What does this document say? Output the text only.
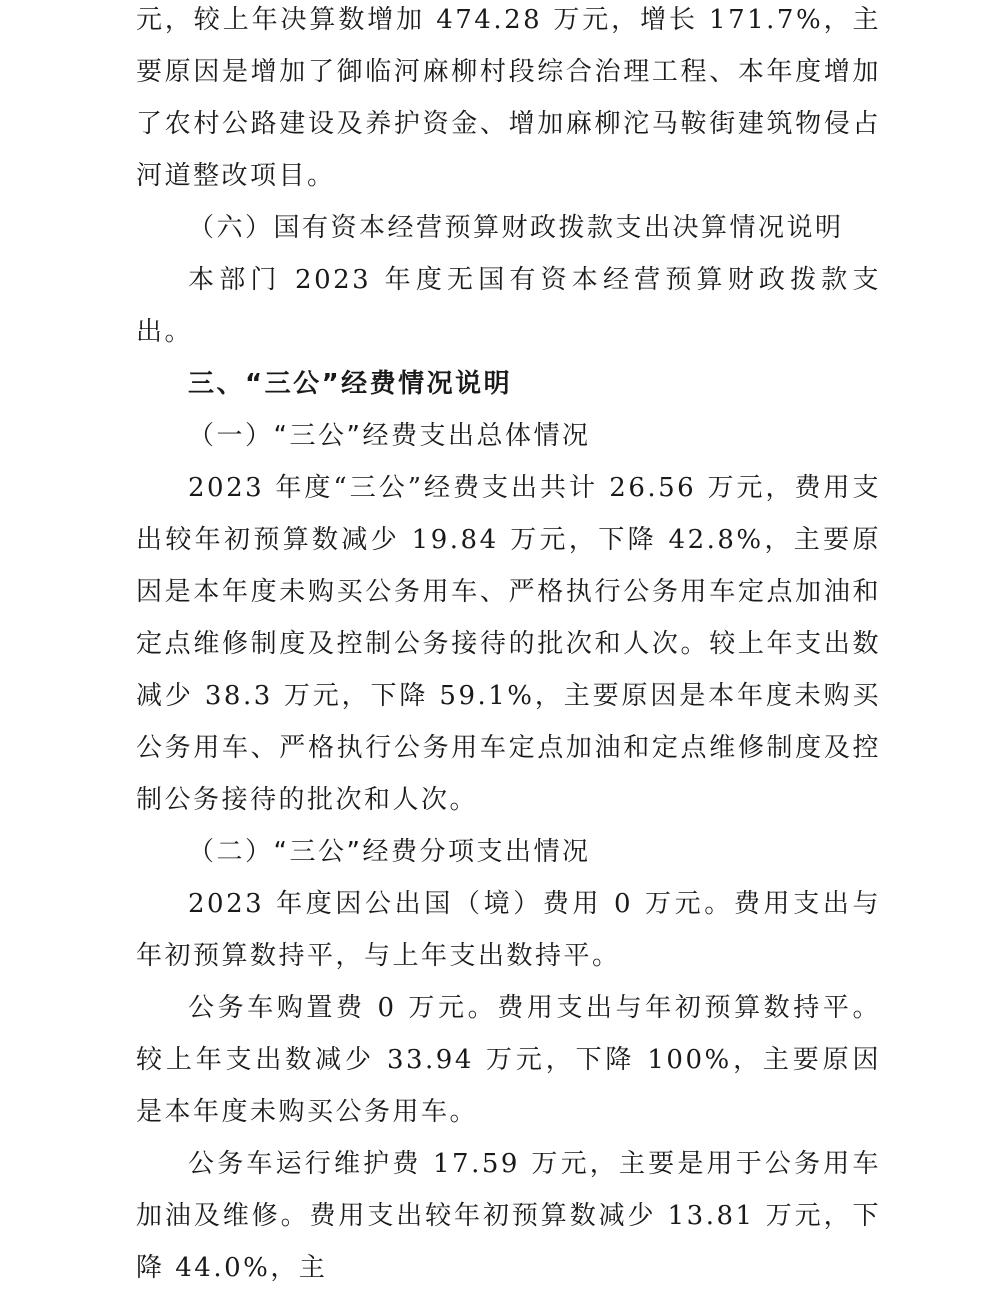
元，较上年决算数增加 474.28 万元，增长 171.7%，主要原因是增加了御临河麻柳村段综合治理工程、本年度增加了农村公路建设及养护资金、增加麻柳沱马鞍街建筑物侵占河道整改项目。

（六）国有资本经营预算财政拨款支出决算情况说明

本部门 2023 年度无国有资本经营预算财政拨款支出。

三、“三公”经费情况说明

（一）“三公”经费支出总体情况

2023 年度“三公”经费支出共计 26.56 万元，费用支出较年初预算数减少 19.84 万元，下降 42.8%，主要原因是本年度未购买公务用车、严格执行公务用车定点加油和定点维修制度及控制公务接待的批次和人次。较上年支出数减少 38.3 万元，下降 59.1%，主要原因是本年度未购买公务用车、严格执行公务用车定点加油和定点维修制度及控制公务接待的批次和人次。

（二）“三公”经费分项支出情况

2023 年度因公出国（境）费用 0 万元。费用支出与年初预算数持平，与上年支出数持平。

公务车购置费 0 万元。费用支出与年初预算数持平。较上年支出数减少 33.94 万元，下降 100%，主要原因是本年度未购买公务用车。

公务车运行维护费 17.59 万元，主要是用于公务用车加油及维修。费用支出较年初预算数减少 13.81 万元，下降 44.0%，主
